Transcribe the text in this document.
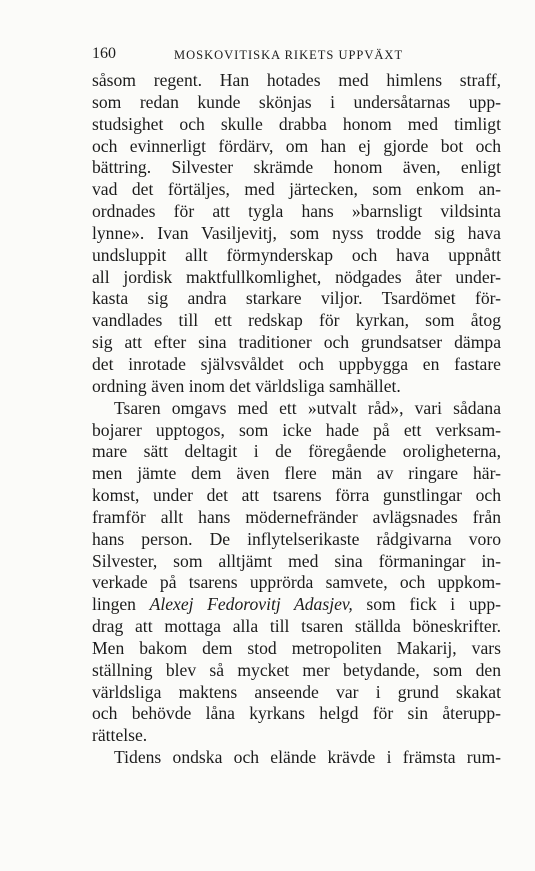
160	MOSKOVITISKA RIKETS UPPVÄXT
såsom regent. Han hotades med himlens straff,
som redan kunde skönjas i undersåtarnas upp-
studsighet och skulle drabba honom med timligt
och evinnerligt fördärv, om han ej gjorde bot och
bättring. Silvester skrämde honom även, enligt
vad det förtäljes, med järtecken, som enkom an-
ordnades för att tygla hans »barnsligt vildsinta
lynne». Ivan Vasiljevitj, som nyss trodde sig hava
undsluppit allt förmynderskap och hava uppnått
all jordisk maktfullkomlighet, nödgades åter under-
kasta sig andra starkare viljor. Tsardömet för-
vandlades till ett redskap för kyrkan, som åtog
sig att efter sina traditioner och grundsatser dämpa
det inrotade självsvåldet och uppbygga en fastare
ordning även inom det världsliga samhället.
Tsaren omgavs med ett »utvalt råd», vari sådana
bojarer upptogos, som icke hade på ett verksam-
mare sätt deltagit i de föregående oroligheterna,
men jämte dem även flere män av ringare här-
komst, under det att tsarens förra gunstlingar och
framför allt hans mödernefränder avlägsnades från
hans person. De inflytelserikaste rådgivarna voro
Silvester, som alltjämt med sina förmaningar in-
verkade på tsarens upprörda samvete, och uppkom-
lingen Alexej Fedorovitj Adasjev, som fick i upp-
drag att mottaga alla till tsaren ställda böneskrifter.
Men bakom dem stod metropoliten Makarij, vars
ställning blev så mycket mer betydande, som den
världsliga maktens anseende var i grund skakat
och behövde låna kyrkans helgd för sin återupp-
rättelse.
Tidens ondska och elände krävde i främsta rum-
